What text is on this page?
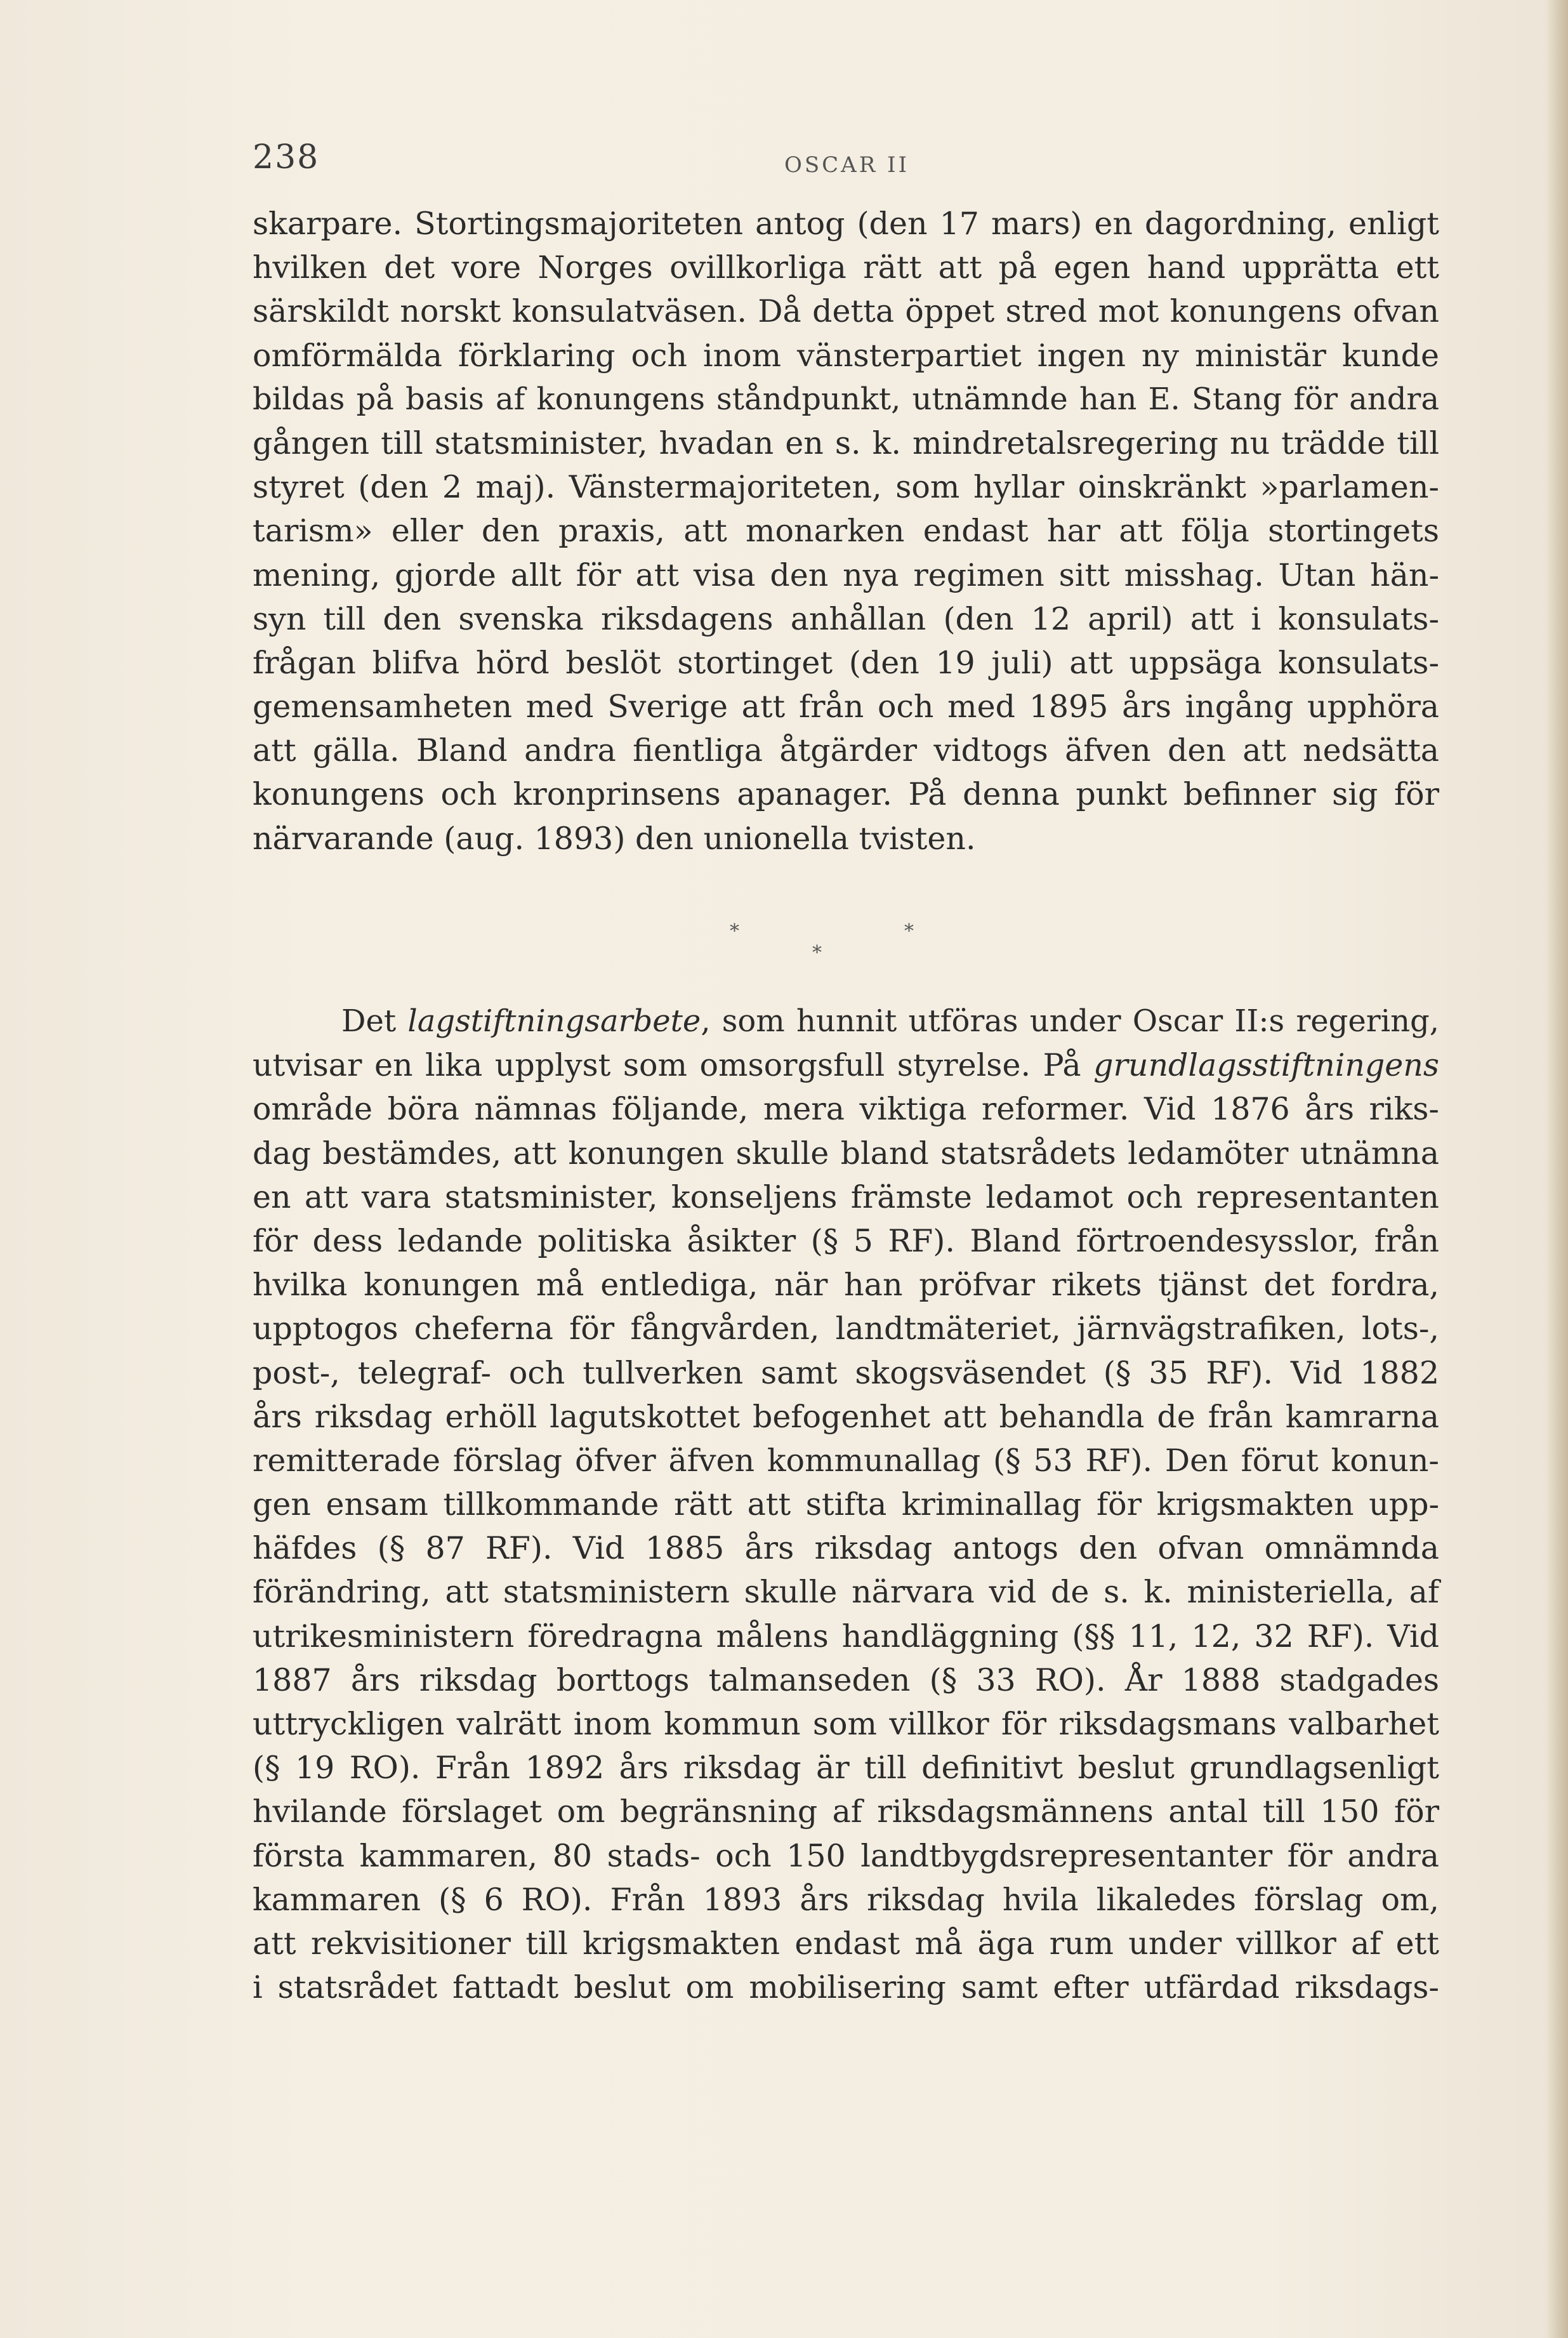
238	OSCAR II
skarpare. Stortingsmajoriteten antog (den 17 mars) en dagordning, enligt
hvilken det vore Norges ovillkorliga rätt att på egen hand upprätta ett
särskildt norskt konsulatväsen. Då detta öppet stred mot konungens ofvan
omförmälda förklaring och inom vänsterpartiet ingen ny ministär kunde
bildas på basis af konungens ståndpunkt, utnämnde han E. Stang för andra
gången till statsminister, hvadan en s. k. mindretalsregering nu trädde till
styret (den 2 maj). Vänstermajoriteten, som hyllar oinskränkt »parlamen-
tarism» eller den praxis, att monarken endast har att följa stortingets
mening, gjorde allt för att visa den nya regimen sitt misshag. Utan hän-
syn till den svenska riksdagens anhållan (den 12 april) att i konsulats-
frågan blifva hörd beslöt stortinget (den 19 juli) att uppsäga konsulats-
gemensamheten med Sverige att från och med 1895 års ingång upphöra
att gälla. Bland andra fientliga åtgärder vidtogs äfven den att nedsätta
konungens och kronprinsens apanager. På denna punkt befinner sig för
närvarande (aug. 1893) den unionella tvisten.
*
*
*
Det lagstiftningsarbete, som hunnit utföras under Oscar II:s regering,
utvisar en lika upplyst som omsorgsfull styrelse. På grundlagsstiftningens
område böra nämnas följande, mera viktiga reformer. Vid 1876 års riks-
dag bestämdes, att konungen skulle bland statsrådets ledamöter utnämna
en att vara statsminister, konseljens främste ledamot och representanten
för dess ledande politiska åsikter (§ 5 RF). Bland förtroendesysslor, från
hvilka konungen må entlediga, när han pröfvar rikets tjänst det fordra,
upptogos cheferna för fångvården, landtmäteriet, järnvägstrafiken, lots-,
post-, telegraf- och tullverken samt skogsväsendet (§ 35 RF). Vid 1882
års riksdag erhöll lagutskottet befogenhet att behandla de från kamrarna
remitterade förslag öfver äfven kommunallag (§ 53 RF). Den förut konun-
gen ensam tillkommande rätt att stifta kriminallag för krigsmakten upp-
häfdes (§ 87 RF). Vid 1885 års riksdag antogs den ofvan omnämnda
förändring, att statsministern skulle närvara vid de s. k. ministeriella, af
utrikesministern föredragna målens handläggning (§§ 11, 12, 32 RF). Vid
1887 års riksdag borttogs talmanseden (§ 33 RO). År 1888 stadgades
uttryckligen valrätt inom kommun som villkor för riksdagsmans valbarhet
(§ 19 RO). Från 1892 års riksdag är till definitivt beslut grundlagsenligt
hvilande förslaget om begränsning af riksdagsmännens antal till 150 för
första kammaren, 80 stads- och 150 landtbygdsrepresentanter för andra
kammaren (§ 6 RO). Från 1893 års riksdag hvila likaledes förslag om,
att rekvisitioner till krigsmakten endast må äga rum under villkor af ett
i statsrådet fattadt beslut om mobilisering samt efter utfärdad riksdags-
